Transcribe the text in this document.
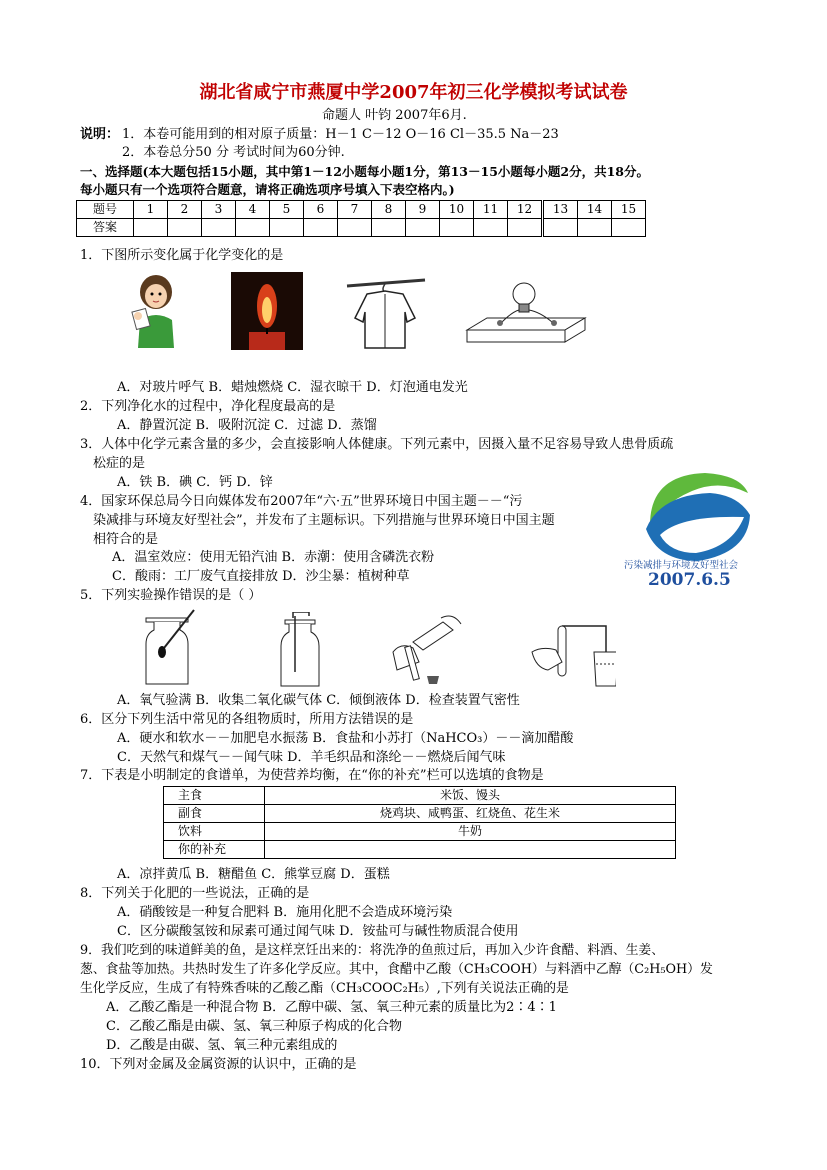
湖北省咸宁市燕厦中学2007年初三化学模拟考试试卷
命题人 叶钧 2007年6月.
说明： 1．本卷可能用到的相对原子质量：H－1 C－12 O－16 Cl－35.5 Na－23
2．本卷总分50 分 考试时间为60分钟.
一、选择题(本大题包括15小题，其中第1－12小题每小题1分，第13－15小题每小题2分，共18分。
每小题只有一个选项符合题意，请将正确选项序号填入下表空格内。)
题号	1	2	3	4	5	6	7	8	9	10	11	12	13	14	15
答案															
1．下图所示变化属于化学变化的是
A．对玻片呼气 B．蜡烛燃烧 C．湿衣晾干 D．灯泡通电发光
2．下列净化水的过程中，净化程度最高的是
A．静置沉淀 B．吸附沉淀 C．过滤 D．蒸馏
3．人体中化学元素含量的多少，会直接影响人体健康。下列元素中，因摄入量不足容易导致人患骨质疏
松症的是
A．铁 B．碘 C．钙 D．锌
4．国家环保总局今日向媒体发布2007年“六·五”世界环境日中国主题－－“污
染减排与环境友好型社会”，并发布了主题标识。下列措施与世界环境日中国主题
相符合的是
A．温室效应：使用无铅汽油 B．赤潮：使用含磷洗衣粉
C．酸雨：工厂废气直接排放 D．沙尘暴：植树种草
污染减排与环境友好型社会
2007.6.5
5．下列实验操作错误的是（ ）
A．氧气验满 B．收集二氧化碳气体 C．倾倒液体 D．检查装置气密性
6．区分下列生活中常见的各组物质时，所用方法错误的是
A．硬水和软水－－加肥皂水振荡 B．食盐和小苏打（NaHCO₃）－－滴加醋酸
C．天然气和煤气－－闻气味 D．羊毛织品和涤纶－－燃烧后闻气味
7．下表是小明制定的食谱单，为使营养均衡，在“你的补充”栏可以选填的食物是
主食	米饭、馒头
副食	烧鸡块、咸鸭蛋、红烧鱼、花生米
饮料	牛奶
你的补充	
A．凉拌黄瓜 B．糖醋鱼 C．熊掌豆腐 D．蛋糕
8．下列关于化肥的一些说法，正确的是
A．硝酸铵是一种复合肥料 B．施用化肥不会造成环境污染
C．区分碳酸氢铵和尿素可通过闻气味 D．铵盐可与碱性物质混合使用
9．我们吃到的味道鲜美的鱼，是这样烹饪出来的：将洗净的鱼煎过后，再加入少许食醋、料酒、生姜、
葱、食盐等加热。共热时发生了许多化学反应。其中，食醋中乙酸（CH₃COOH）与料酒中乙醇（C₂H₅OH）发
生化学反应，生成了有特殊香味的乙酸乙酯（CH₃COOC₂H₅）,下列有关说法正确的是
A．乙酸乙酯是一种混合物 B．乙醇中碳、氢、氧三种元素的质量比为2∶4∶1
C．乙酸乙酯是由碳、氢、氧三种原子构成的化合物
D．乙酸是由碳、氢、氧三种元素组成的
10．下列对金属及金属资源的认识中，正确的是
